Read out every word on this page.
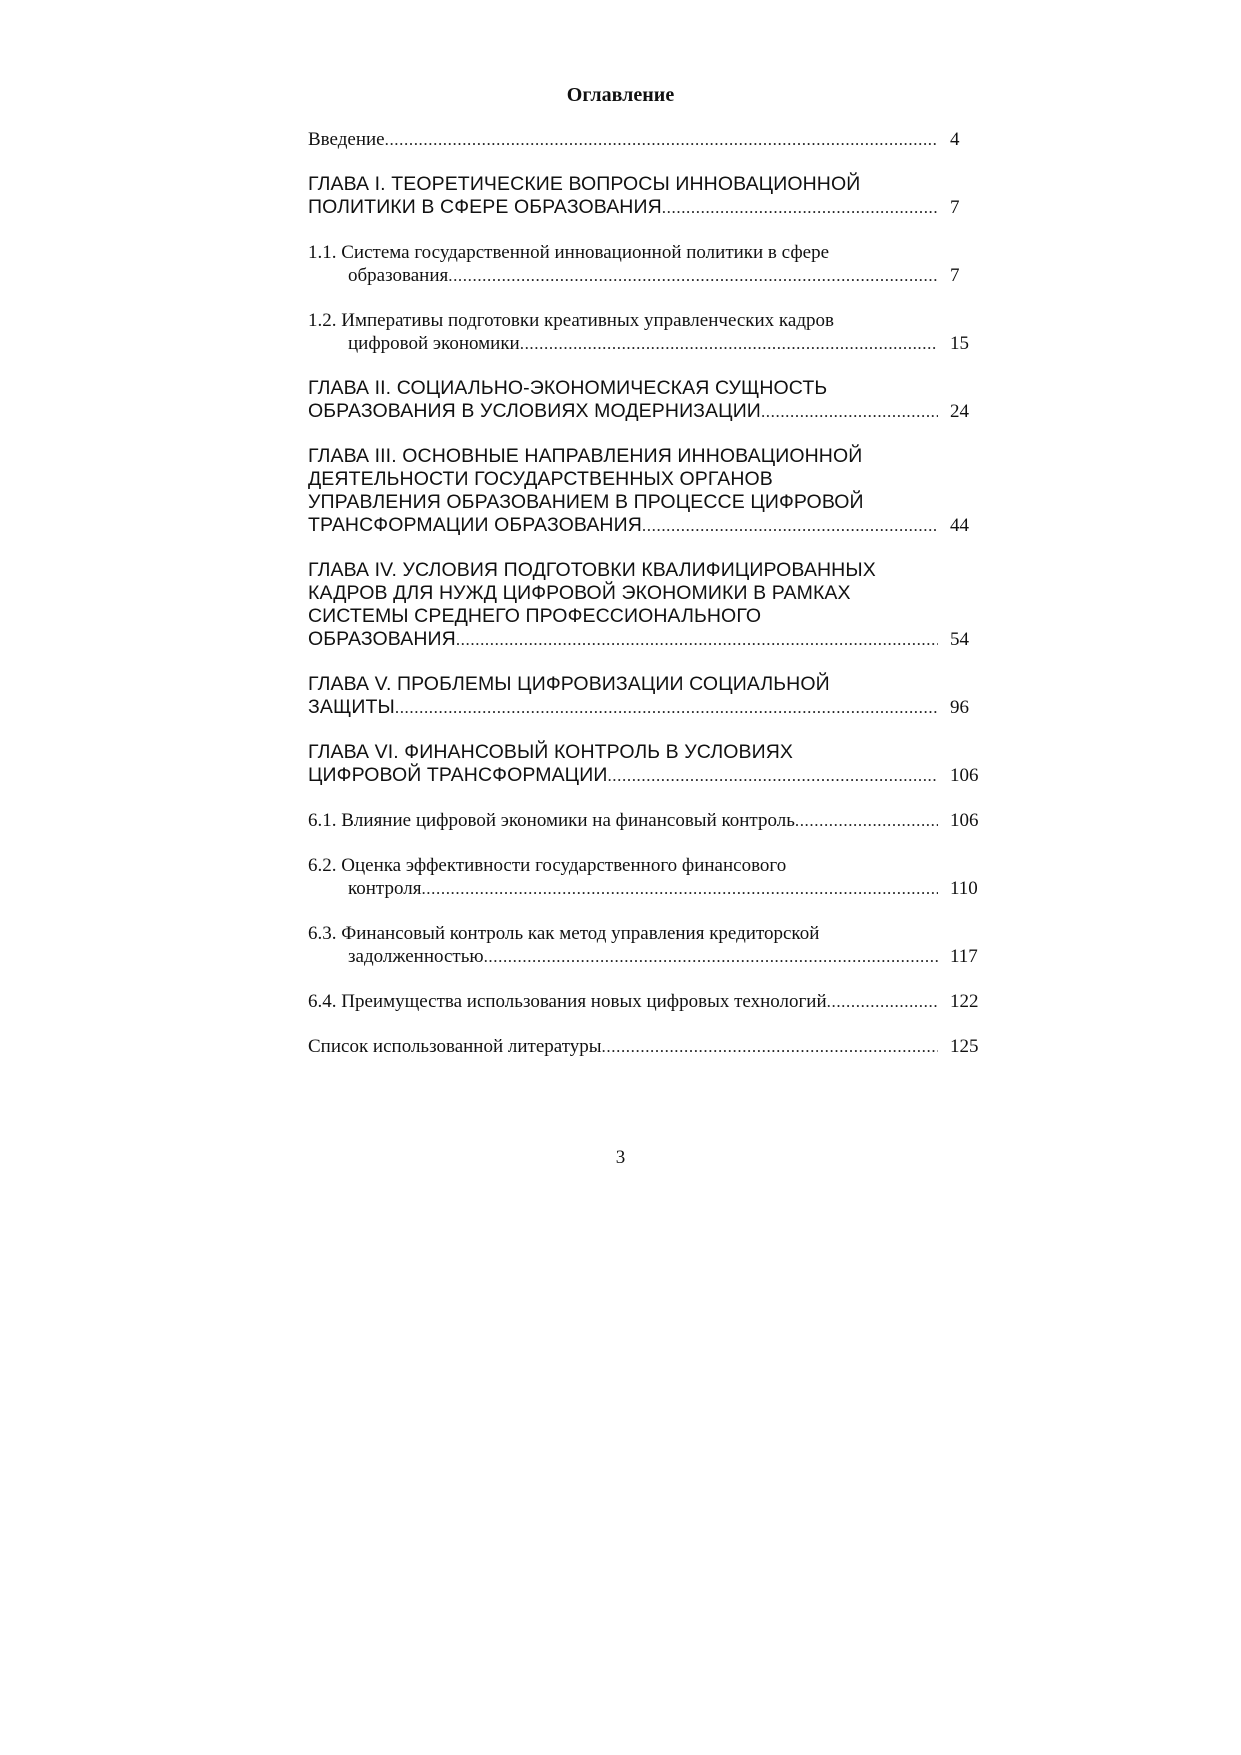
Оглавление
Введение .....	4
ГЛАВА I. ТЕОРЕТИЧЕСКИЕ ВОПРОСЫ ИННОВАЦИОННОЙ
ПОЛИТИКИ В СФЕРЕ ОБРАЗОВАНИЯ .....	7
1.1. Система государственной инновационной политики в сфере
образования .....	7
1.2. Императивы подготовки креативных управленческих кадров
цифровой экономики .....	15
ГЛАВА II. СОЦИАЛЬНО-ЭКОНОМИЧЕСКАЯ СУЩНОСТЬ
ОБРАЗОВАНИЯ В УСЛОВИЯХ МОДЕРНИЗАЦИИ .....	24
ГЛАВА III. ОСНОВНЫЕ НАПРАВЛЕНИЯ ИННОВАЦИОННОЙ
ДЕЯТЕЛЬНОСТИ ГОСУДАРСТВЕННЫХ ОРГАНОВ
УПРАВЛЕНИЯ ОБРАЗОВАНИЕМ В ПРОЦЕССЕ ЦИФРОВОЙ
ТРАНСФОРМАЦИИ ОБРАЗОВАНИЯ .....	44
ГЛАВА IV. УСЛОВИЯ ПОДГОТОВКИ КВАЛИФИЦИРОВАННЫХ
КАДРОВ ДЛЯ НУЖД ЦИФРОВОЙ ЭКОНОМИКИ В РАМКАХ
СИСТЕМЫ СРЕДНЕГО ПРОФЕССИОНАЛЬНОГО
ОБРАЗОВАНИЯ .....	54
ГЛАВА V. ПРОБЛЕМЫ ЦИФРОВИЗАЦИИ СОЦИАЛЬНОЙ
ЗАЩИТЫ .....	96
ГЛАВА VI. ФИНАНСОВЫЙ КОНТРОЛЬ В УСЛОВИЯХ
ЦИФРОВОЙ ТРАНСФОРМАЦИИ .....	106
6.1. Влияние цифровой экономики на финансовый контроль .....	106
6.2. Оценка эффективности государственного финансового
контроля .....	110
6.3. Финансовый контроль как метод управления кредиторской
задолженностью .....	117
6.4. Преимущества использования новых цифровых технологий .....	122
Список использованной литературы .....	125
3
